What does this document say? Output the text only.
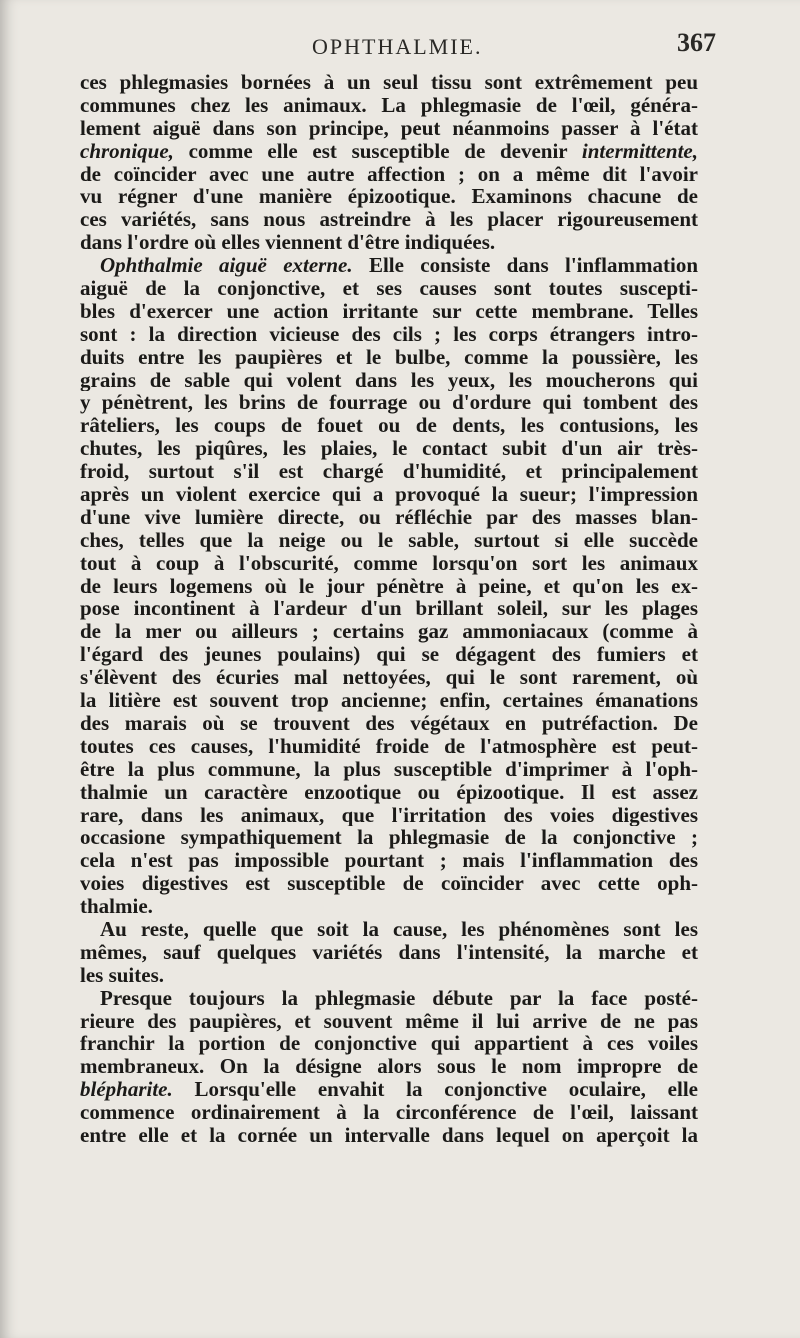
OPHTHALMIE.	367
ces phlegmasies bornées à un seul tissu sont extrêmement peu
communes chez les animaux. La phlegmasie de l'œil, généra-
lement aiguë dans son principe, peut néanmoins passer à l'état
chronique, comme elle est susceptible de devenir intermittente,
de coïncider avec une autre affection ; on a même dit l'avoir
vu régner d'une manière épizootique. Examinons chacune de
ces variétés, sans nous astreindre à les placer rigoureusement
dans l'ordre où elles viennent d'être indiquées.
Ophthalmie aiguë externe. Elle consiste dans l'inflammation
aiguë de la conjonctive, et ses causes sont toutes suscepti-
bles d'exercer une action irritante sur cette membrane. Telles
sont : la direction vicieuse des cils ; les corps étrangers intro-
duits entre les paupières et le bulbe, comme la poussière, les
grains de sable qui volent dans les yeux, les moucherons qui
y pénètrent, les brins de fourrage ou d'ordure qui tombent des
râteliers, les coups de fouet ou de dents, les contusions, les
chutes, les piqûres, les plaies, le contact subit d'un air très-
froid, surtout s'il est chargé d'humidité, et principalement
après un violent exercice qui a provoqué la sueur; l'impression
d'une vive lumière directe, ou réfléchie par des masses blan-
ches, telles que la neige ou le sable, surtout si elle succède
tout à coup à l'obscurité, comme lorsqu'on sort les animaux
de leurs logemens où le jour pénètre à peine, et qu'on les ex-
pose incontinent à l'ardeur d'un brillant soleil, sur les plages
de la mer ou ailleurs ; certains gaz ammoniacaux (comme à
l'égard des jeunes poulains) qui se dégagent des fumiers et
s'élèvent des écuries mal nettoyées, qui le sont rarement, où
la litière est souvent trop ancienne; enfin, certaines émanations
des marais où se trouvent des végétaux en putréfaction. De
toutes ces causes, l'humidité froide de l'atmosphère est peut-
être la plus commune, la plus susceptible d'imprimer à l'oph-
thalmie un caractère enzootique ou épizootique. Il est assez
rare, dans les animaux, que l'irritation des voies digestives
occasione sympathiquement la phlegmasie de la conjonctive ;
cela n'est pas impossible pourtant ; mais l'inflammation des
voies digestives est susceptible de coïncider avec cette oph-
thalmie.
Au reste, quelle que soit la cause, les phénomènes sont les
mêmes, sauf quelques variétés dans l'intensité, la marche et
les suites.
Presque toujours la phlegmasie débute par la face posté-
rieure des paupières, et souvent même il lui arrive de ne pas
franchir la portion de conjonctive qui appartient à ces voiles
membraneux. On la désigne alors sous le nom impropre de
blépharite. Lorsqu'elle envahit la conjonctive oculaire, elle
commence ordinairement à la circonférence de l'œil, laissant
entre elle et la cornée un intervalle dans lequel on aperçoit la
